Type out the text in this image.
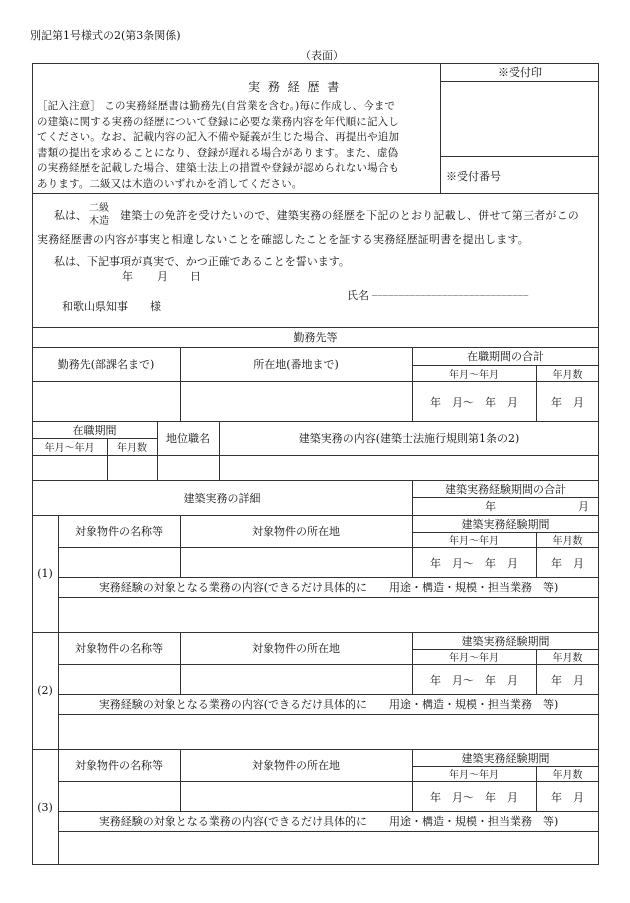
別記第1号様式の2(第3条関係)
（表面）
※受付印
※受付番号
実 務 経 歴 書
［記入注意］ この実務経歴書は勤務先(自営業を含む。)毎に作成し、今まで
の建築に関する実務の経歴について登録に必要な業務内容を年代順に記入し
てください。なお、記載内容の記入不備や疑義が生じた場合、再提出や追加
書類の提出を求めることになり、登録が遅れる場合があります。また、虚偽
の実務経歴を記載した場合、建築士法上の措置や登録が認められない場合も
あります。二級又は木造のいずれかを消してください。
私は、
二級
木造 建築士の免許を受けたいので、建築実務の経歴を下記のとおり記載し、併せて第三者がこの
実務経歴書の内容が事実と相違しないことを確認したことを証する実務経歴証明書を提出します。
私は、下記事項が真実で、かつ正確であることを誓います。
年 月 日
和歌山県知事　　様
氏名 _____________________________
勤務先等
勤務先(部課名まで)	所在地(番地まで)
在職期間の合計
年月～年月	年月数
年　月～　年　月	年　月
在職期間
年月～年月	年月数
地位職名	建築実務の内容(建築士法施行規則第1条の2)
建築実務の詳細
建築実務経験期間の合計
年	月
(1)
対象物件の名称等	対象物件の所在地
建築実務経験期間
年月～年月	年月数
年　月～　年　月	年　月
実務経験の対象となる業務の内容(できるだけ具体的に　　用途・構造・規模・担当業務　等)
(2)
対象物件の名称等	対象物件の所在地
建築実務経験期間
年月～年月	年月数
年　月～　年　月	年　月
実務経験の対象となる業務の内容(できるだけ具体的に　　用途・構造・規模・担当業務　等)
(3)
対象物件の名称等	対象物件の所在地
建築実務経験期間
年月～年月	年月数
年　月～　年　月	年　月
実務経験の対象となる業務の内容(できるだけ具体的に　　用途・構造・規模・担当業務　等)
